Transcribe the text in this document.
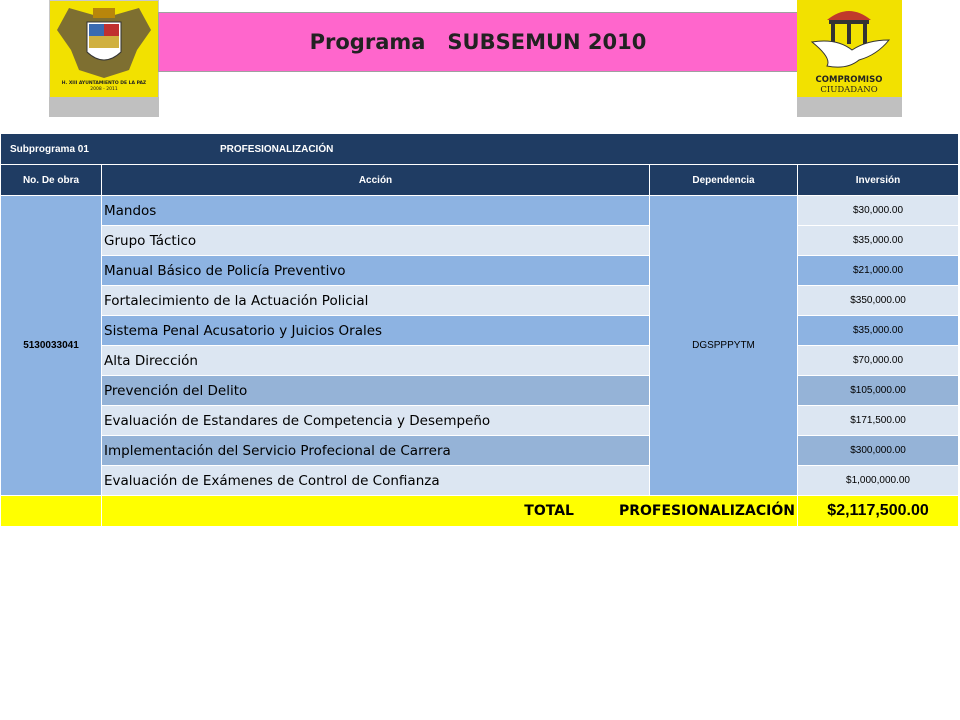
H. XIII AYUNTAMIENTO DE LA PAZ
2008 - 2011
Programa SUBSEMUN 2010
COMPROMISO
CIUDADANO
Subprograma 01 PROFESIONALIZACIÓN			
No. De obra	Acción	Dependencia	Inversión
5130033041	Mandos	DGSPPPYTM	$30,000.00
	Grupo Táctico		$35,000.00
	Manual Básico de Policía Preventivo		$21,000.00
	Fortalecimiento de la Actuación Policial		$350,000.00
	Sistema Penal Acusatorio y Juicios Orales		$35,000.00
	Alta Dirección		$70,000.00
	Prevención del Delito		$105,000.00
	Evaluación de Estandares de Competencia y Desempeño		$171,500.00
	Implementación del Servicio Profecional de Carrera		$300,000.00
	Evaluación de Exámenes de Control de Confianza		$1,000,000.00
	TOTAL PROFESIONALIZACIÓN		$2,117,500.00
